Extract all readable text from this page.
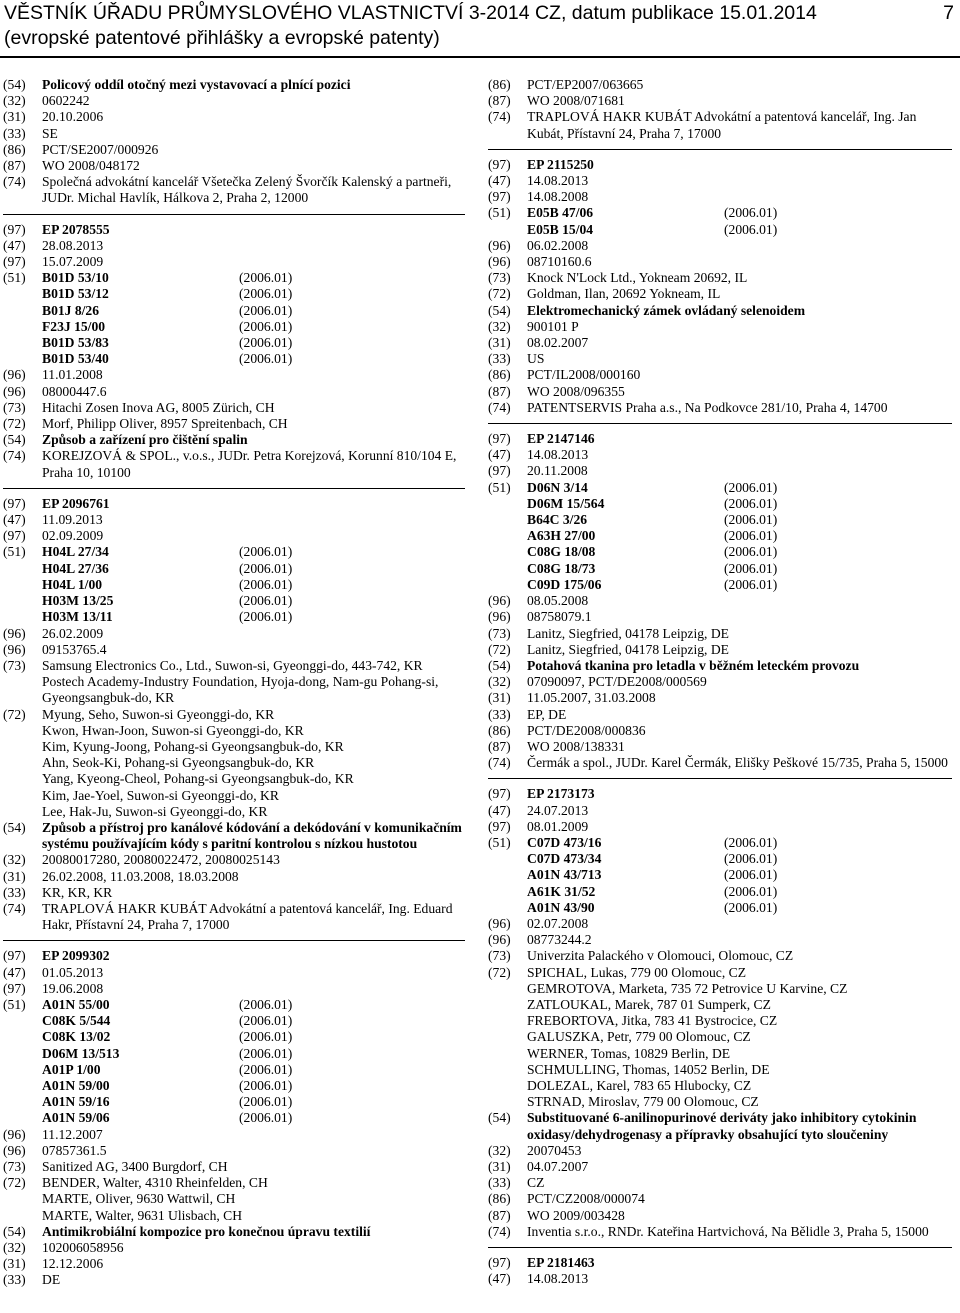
VĚSTNÍK ÚŘADU PRŮMYSLOVÉHO VLASTNICTVÍ 3-2014 CZ, datum publikace 15.01.2014
(evropské patentové přihlášky a evropské patenty)
7
(54)	Policový oddíl otočný mezi vystavovací a plnící pozici
(32)	0602242
(31)	20.10.2006
(33)	SE
(86)	PCT/SE2007/000926
(87)	WO 2008/048172
(74)	Společná advokátní kancelář Všetečka Zelený Švorčík Kalenský a partneři, JUDr. Michal Havlík, Hálkova 2, Praha 2, 12000
(97)	EP 2078555
(47)	28.08.2013
(97)	15.07.2009
(51)	B01D 53/10	(2006.01)
B01D 53/12	(2006.01)
B01J 8/26	(2006.01)
F23J 15/00	(2006.01)
B01D 53/83	(2006.01)
B01D 53/40	(2006.01)
(96)	11.01.2008
(96)	08000447.6
(73)	Hitachi Zosen Inova AG, 8005 Zürich, CH
(72)	Morf, Philipp Oliver, 8957 Spreitenbach, CH
(54)	Způsob a zařízení pro čištění spalin
(74)	KOREJZOVÁ & SPOL., v.o.s., JUDr. Petra Korejzová, Korunní 810/104 E, Praha 10, 10100
(97)	EP 2096761
(47)	11.09.2013
(97)	02.09.2009
(51)	H04L 27/34	(2006.01)
H04L 27/36	(2006.01)
H04L 1/00	(2006.01)
H03M 13/25	(2006.01)
H03M 13/11	(2006.01)
(96)	26.02.2009
(96)	09153765.4
(73)	Samsung Electronics Co., Ltd., Suwon-si, Gyeonggi-do, 443-742, KR
Postech Academy-Industry Foundation, Hyoja-dong, Nam-gu Pohang-si, Gyeongsangbuk-do, KR
(72)	Myung, Seho, Suwon-si Gyeonggi-do, KR
Kwon, Hwan-Joon, Suwon-si Gyeonggi-do, KR
Kim, Kyung-Joong, Pohang-si Gyeongsangbuk-do, KR
Ahn, Seok-Ki, Pohang-si Gyeongsangbuk-do, KR
Yang, Kyeong-Cheol, Pohang-si Gyeongsangbuk-do, KR
Kim, Jae-Yoel, Suwon-si Gyeonggi-do, KR
Lee, Hak-Ju, Suwon-si Gyeonggi-do, KR
(54)	Způsob a přístroj pro kanálové kódování a dekódování v komunikačním systému používajícím kódy s paritní kontrolou s nízkou hustotou
(32)	20080017280, 20080022472, 20080025143
(31)	26.02.2008, 11.03.2008, 18.03.2008
(33)	KR, KR, KR
(74)	TRAPLOVÁ HAKR KUBÁT Advokátní a patentová kancelář, Ing. Eduard Hakr, Přístavní 24, Praha 7, 17000
(97)	EP 2099302
(47)	01.05.2013
(97)	19.06.2008
(51)	A01N 55/00	(2006.01)
C08K 5/544	(2006.01)
C08K 13/02	(2006.01)
D06M 13/513	(2006.01)
A01P 1/00	(2006.01)
A01N 59/00	(2006.01)
A01N 59/16	(2006.01)
A01N 59/06	(2006.01)
(96)	11.12.2007
(96)	07857361.5
(73)	Sanitized AG, 3400 Burgdorf, CH
(72)	BENDER, Walter, 4310 Rheinfelden, CH
MARTE, Oliver, 9630 Wattwil, CH
MARTE, Walter, 9631 Ulisbach, CH
(54)	Antimikrobiální kompozice pro konečnou úpravu textilií
(32)	102006058956
(31)	12.12.2006
(33)	DE
(86)	PCT/EP2007/063665
(87)	WO 2008/071681
(74)	TRAPLOVÁ HAKR KUBÁT Advokátní a patentová kancelář, Ing. Jan Kubát, Přístavní 24, Praha 7, 17000
(97)	EP 2115250
(47)	14.08.2013
(97)	14.08.2008
(51)	E05B 47/06	(2006.01)
E05B 15/04	(2006.01)
(96)	06.02.2008
(96)	08710160.6
(73)	Knock N'Lock Ltd., Yokneam 20692, IL
(72)	Goldman, Ilan, 20692 Yokneam, IL
(54)	Elektromechanický zámek ovládaný selenoidem
(32)	900101 P
(31)	08.02.2007
(33)	US
(86)	PCT/IL2008/000160
(87)	WO 2008/096355
(74)	PATENTSERVIS Praha a.s., Na Podkovce 281/10, Praha 4, 14700
(97)	EP 2147146
(47)	14.08.2013
(97)	20.11.2008
(51)	D06N 3/14	(2006.01)
D06M 15/564	(2006.01)
B64C 3/26	(2006.01)
A63H 27/00	(2006.01)
C08G 18/08	(2006.01)
C08G 18/73	(2006.01)
C09D 175/06	(2006.01)
(96)	08.05.2008
(96)	08758079.1
(73)	Lanitz, Siegfried, 04178 Leipzig, DE
(72)	Lanitz, Siegfried, 04178 Leipzig, DE
(54)	Potahová tkanina pro letadla v běžném leteckém provozu
(32)	07090097, PCT/DE2008/000569
(31)	11.05.2007, 31.03.2008
(33)	EP, DE
(86)	PCT/DE2008/000836
(87)	WO 2008/138331
(74)	Čermák a spol., JUDr. Karel Čermák, Elišky Peškové 15/735, Praha 5, 15000
(97)	EP 2173173
(47)	24.07.2013
(97)	08.01.2009
(51)	C07D 473/16	(2006.01)
C07D 473/34	(2006.01)
A01N 43/713	(2006.01)
A61K 31/52	(2006.01)
A01N 43/90	(2006.01)
(96)	02.07.2008
(96)	08773244.2
(73)	Univerzita Palackého v Olomouci, Olomouc, CZ
(72)	SPICHAL, Lukas, 779 00 Olomouc, CZ
GEMROTOVA, Marketa, 735 72 Petrovice U Karvine, CZ
ZATLOUKAL, Marek, 787 01 Sumperk, CZ
FREBORTOVA, Jitka, 783 41 Bystrocice, CZ
GALUSZKA, Petr, 779 00 Olomouc, CZ
WERNER, Tomas, 10829 Berlin, DE
SCHMULLING, Thomas, 14052 Berlin, DE
DOLEZAL, Karel, 783 65 Hlubocky, CZ
STRNAD, Miroslav, 779 00 Olomouc, CZ
(54)	Substituované 6-anilinopurinové deriváty jako inhibitory cytokinin oxidasy/dehydrogenasy a přípravky obsahující tyto sloučeniny
(32)	20070453
(31)	04.07.2007
(33)	CZ
(86)	PCT/CZ2008/000074
(87)	WO 2009/003428
(74)	Inventia s.r.o., RNDr. Kateřina Hartvichová, Na Bělidle 3, Praha 5, 15000
(97)	EP 2181463
(47)	14.08.2013
